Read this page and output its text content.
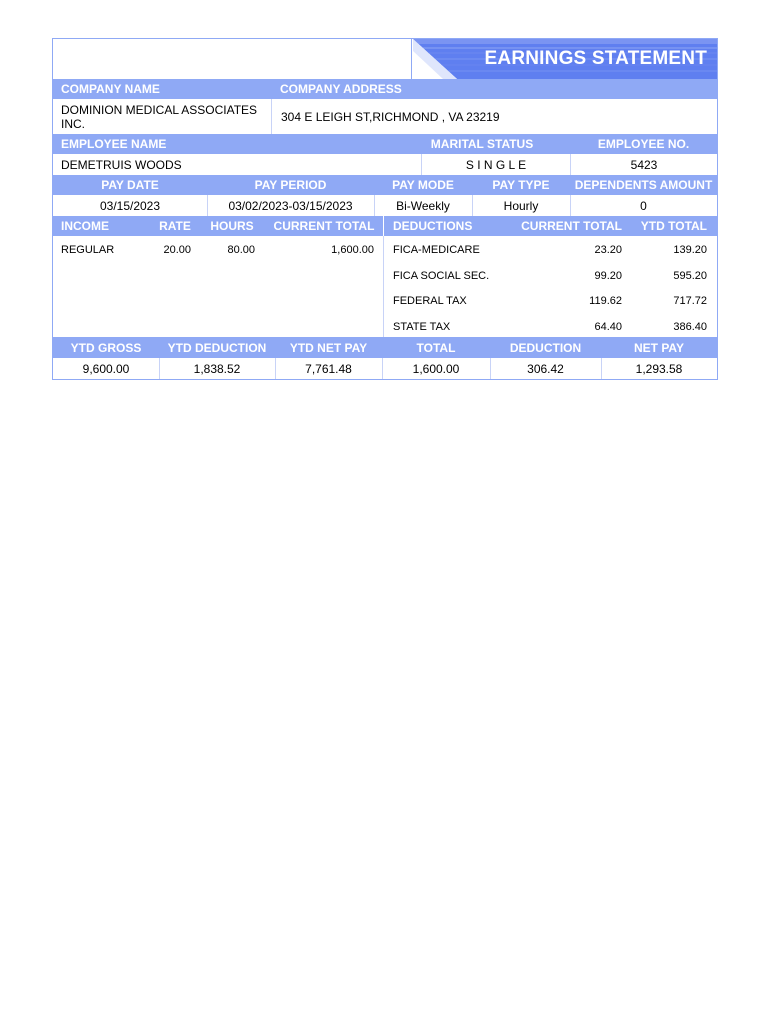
EARNINGS STATEMENT
COMPANY NAME	COMPANY ADDRESS
DOMINION MEDICAL ASSOCIATES
INC.	304 E LEIGH ST,RICHMOND , VA 23219
EMPLOYEE NAME	MARITAL STATUS	EMPLOYEE NO.
DEMETRUIS WOODS	S I N G L E	5423
PAY DATE	PAY PERIOD	PAY MODE	PAY TYPE	DEPENDENTS AMOUNT
03/15/2023	03/02/2023-03/15/2023	Bi-Weekly	Hourly	0
INCOME	RATE	HOURS	CURRENT TOTAL	DEDUCTIONS	CURRENT TOTAL	YTD TOTAL
REGULAR	20.00	80.00	1,600.00 FICA-MEDICARE	23.20	139.20
FICA SOCIAL SEC.	99.20	595.20
FEDERAL TAX	119.62	717.72
STATE TAX	64.40	386.40
YTD GROSS	YTD DEDUCTION	YTD NET PAY	TOTAL	DEDUCTION	NET PAY
9,600.00	1,838.52	7,761.48	1,600.00	306.42	1,293.58
